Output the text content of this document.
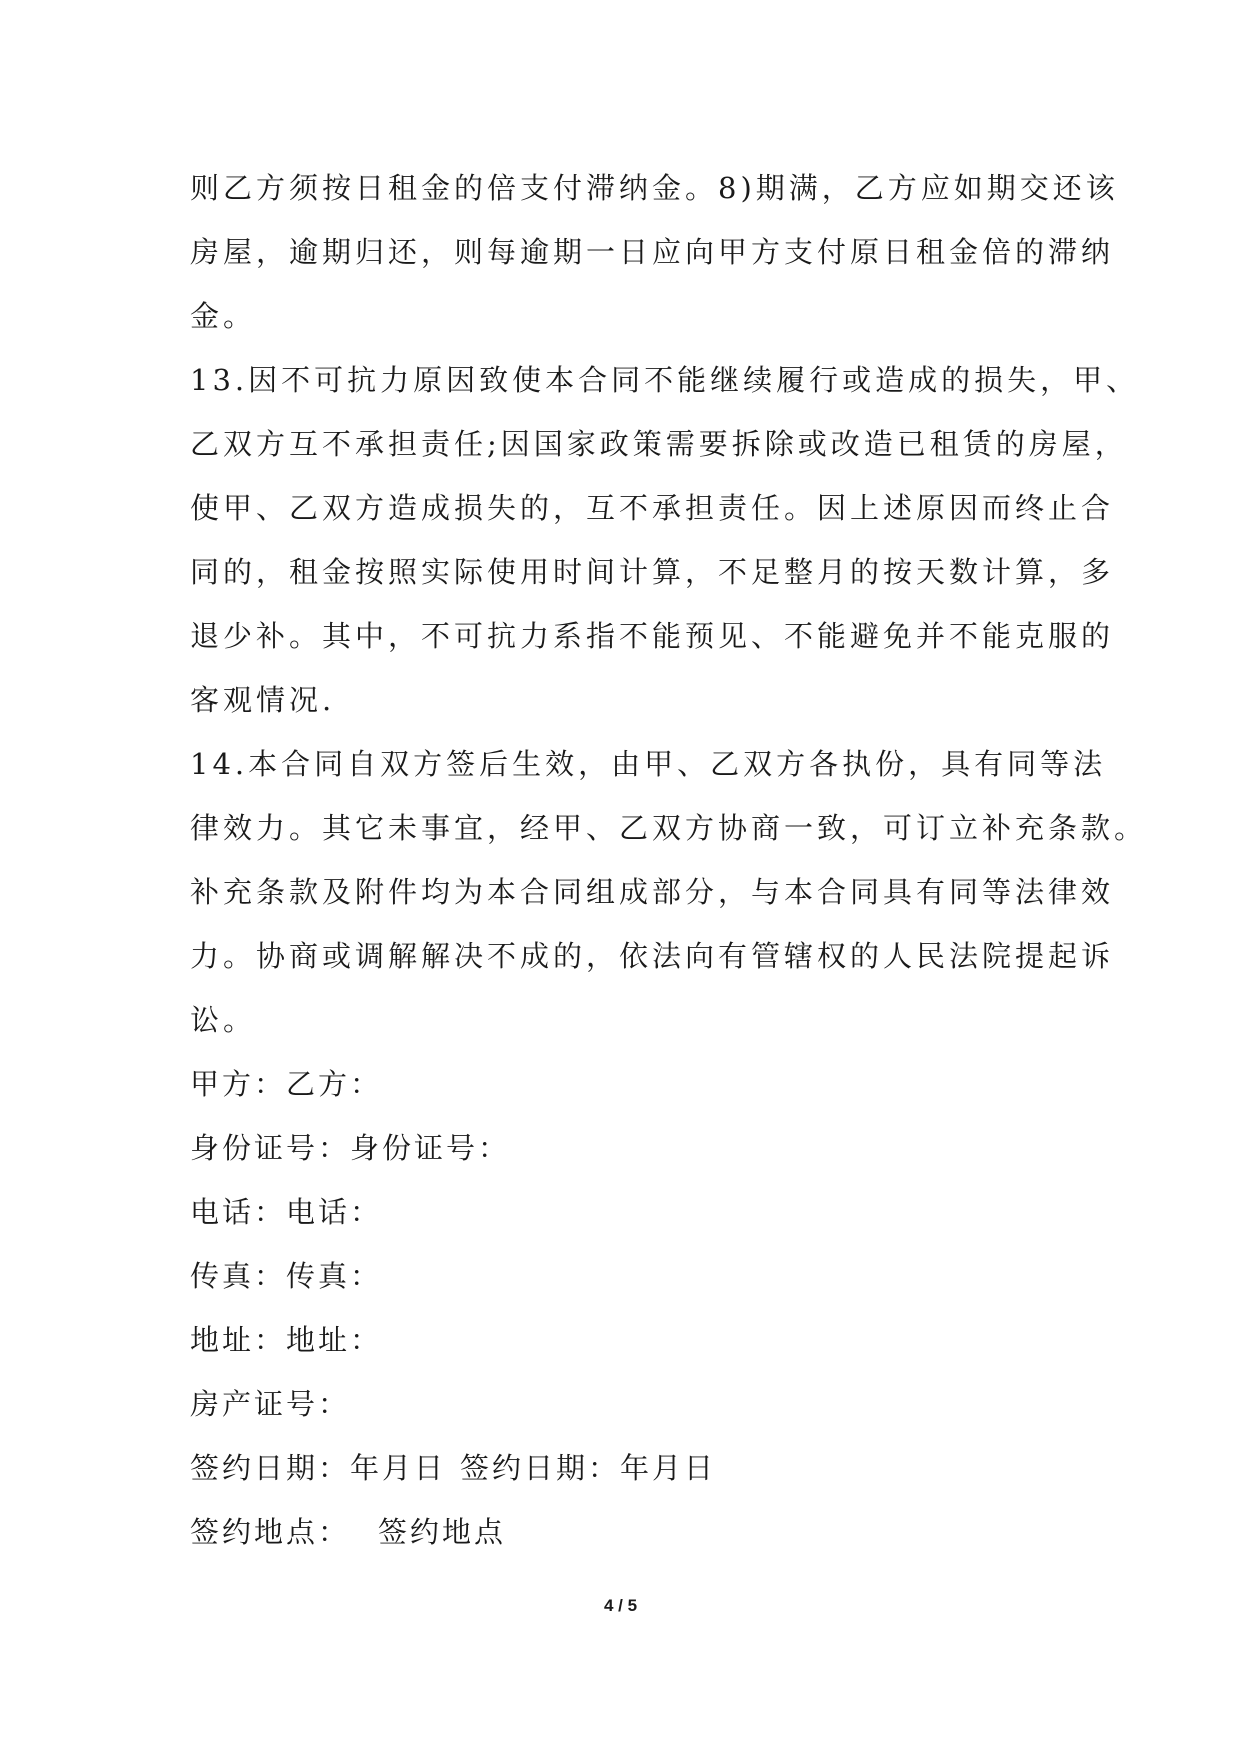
则乙方须按日租金的倍支付滞纳金。8)期满，乙方应如期交还该
房屋，逾期归还，则每逾期一日应向甲方支付原日租金倍的滞纳
金。
13.因不可抗力原因致使本合同不能继续履行或造成的损失，甲、
乙双方互不承担责任;因国家政策需要拆除或改造已租赁的房屋，
使甲、乙双方造成损失的，互不承担责任。因上述原因而终止合
同的，租金按照实际使用时间计算，不足整月的按天数计算，多
退少补。其中，不可抗力系指不能预见、不能避免并不能克服的
客观情况.
14.本合同自双方签后生效，由甲、乙双方各执份，具有同等法
律效力。其它未事宜，经甲、乙双方协商一致，可订立补充条款。
补充条款及附件均为本合同组成部分，与本合同具有同等法律效
力。协商或调解解决不成的，依法向有管辖权的人民法院提起诉
讼。
甲方：乙方：
身份证号：身份证号：
电话：电话：
传真：传真：
地址：地址：
房产证号：
签约日期：年月日 签约日期：年月日
签约地点： 签约地点
4 / 5
